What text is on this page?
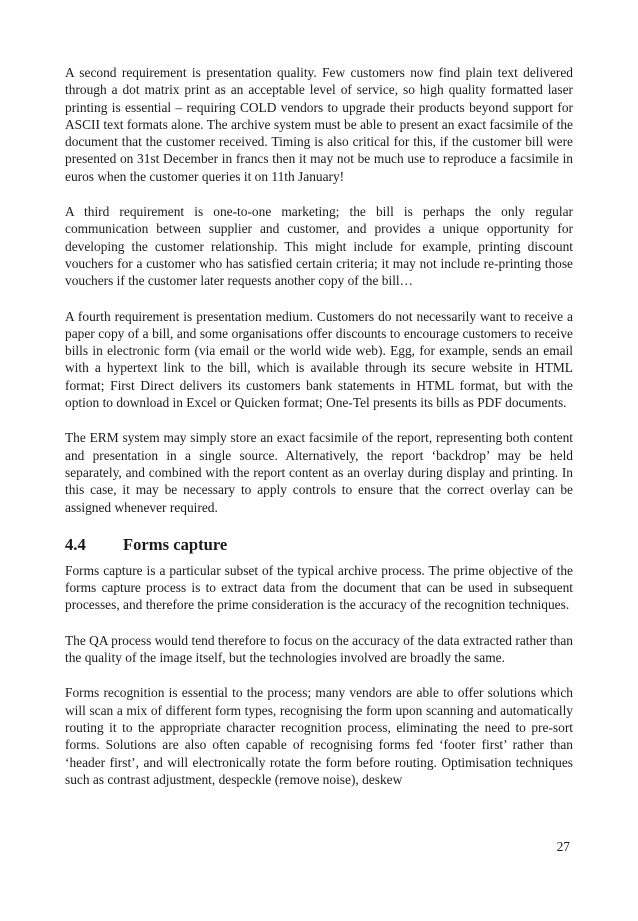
A second requirement is presentation quality. Few customers now find plain text delivered through a dot matrix print as an acceptable level of service, so high quality formatted laser printing is essential – requiring COLD vendors to upgrade their products beyond support for ASCII text formats alone. The archive system must be able to present an exact facsimile of the document that the customer received. Timing is also critical for this, if the customer bill were presented on 31st December in francs then it may not be much use to reproduce a facsimile in euros when the customer queries it on 11th January!

A third requirement is one-to-one marketing; the bill is perhaps the only regular communication between supplier and customer, and provides a unique opportunity for developing the customer relationship. This might include for example, printing discount vouchers for a customer who has satisfied certain criteria; it may not include re-printing those vouchers if the customer later requests another copy of the bill…

A fourth requirement is presentation medium. Customers do not necessarily want to receive a paper copy of a bill, and some organisations offer discounts to encourage customers to receive bills in electronic form (via email or the world wide web). Egg, for example, sends an email with a hypertext link to the bill, which is available through its secure website in HTML format; First Direct delivers its customers bank statements in HTML format, but with the option to download in Excel or Quicken format; One-Tel presents its bills as PDF documents.

The ERM system may simply store an exact facsimile of the report, representing both content and presentation in a single source. Alternatively, the report ‘backdrop’ may be held separately, and combined with the report content as an overlay during display and printing. In this case, it may be necessary to apply controls to ensure that the correct overlay can be assigned whenever required.

4.4	Forms capture

Forms capture is a particular subset of the typical archive process. The prime objective of the forms capture process is to extract data from the document that can be used in subsequent processes, and therefore the prime consideration is the accuracy of the recognition techniques.

The QA process would tend therefore to focus on the accuracy of the data extracted rather than the quality of the image itself, but the technologies involved are broadly the same.

Forms recognition is essential to the process; many vendors are able to offer solutions which will scan a mix of different form types, recognising the form upon scanning and automatically routing it to the appropriate character recognition process, eliminating the need to pre-sort forms. Solutions are also often capable of recognising forms fed ‘footer first’ rather than ‘header first’, and will electronically rotate the form before routing. Optimisation techniques such as contrast adjustment, despeckle (remove noise), deskew

27
